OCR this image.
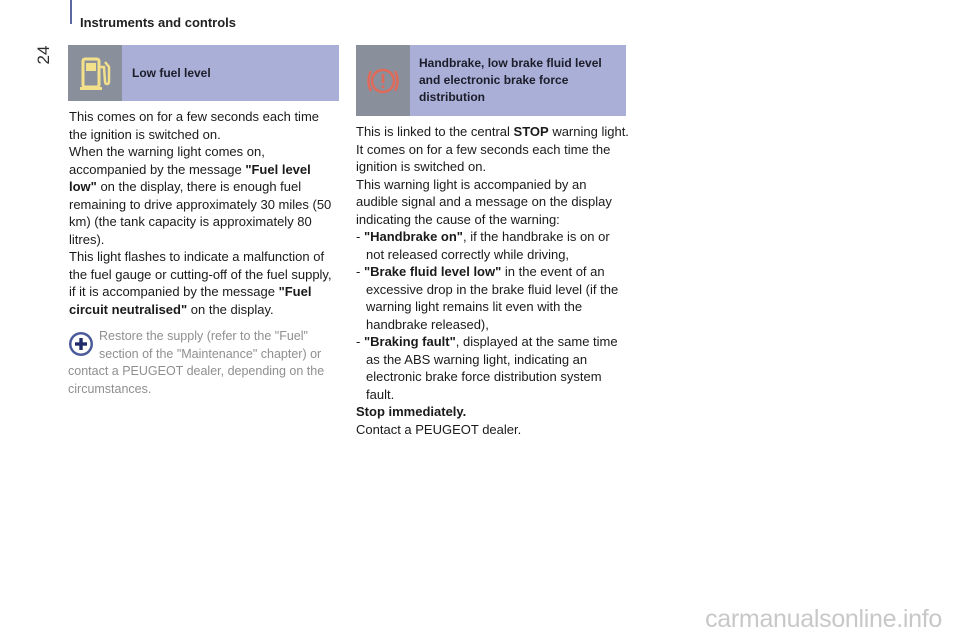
24
Instruments and controls
Low fuel level
Handbrake, low brake fluid level and electronic brake force distribution

This comes on for a few seconds each time the ignition is switched on.

When the warning light comes on, accompanied by the message "Fuel level low" on the display, there is enough fuel remaining to drive approximately 30 miles (50 km) (the tank capacity is approximately 80 litres).

This light flashes to indicate a malfunction of the fuel gauge or cutting-off of the fuel supply, if it is accompanied by the message "Fuel circuit neutralised" on the display.

Restore the supply (refer to the "Fuel" section of the "Maintenance" chapter) or contact a PEUGEOT dealer, depending on the circumstances.

This is linked to the central STOP warning light.

It comes on for a few seconds each time the ignition is switched on.

This warning light is accompanied by an audible signal and a message on the display indicating the cause of the warning:

- "Handbrake on", if the handbrake is on or not released correctly while driving,

- "Brake fluid level low" in the event of an excessive drop in the brake fluid level (if the warning light remains lit even with the handbrake released),

- "Braking fault", displayed at the same time as the ABS warning light, indicating an electronic brake force distribution system fault.

Stop immediately.

Contact a PEUGEOT dealer.

carmanualsonline.info
